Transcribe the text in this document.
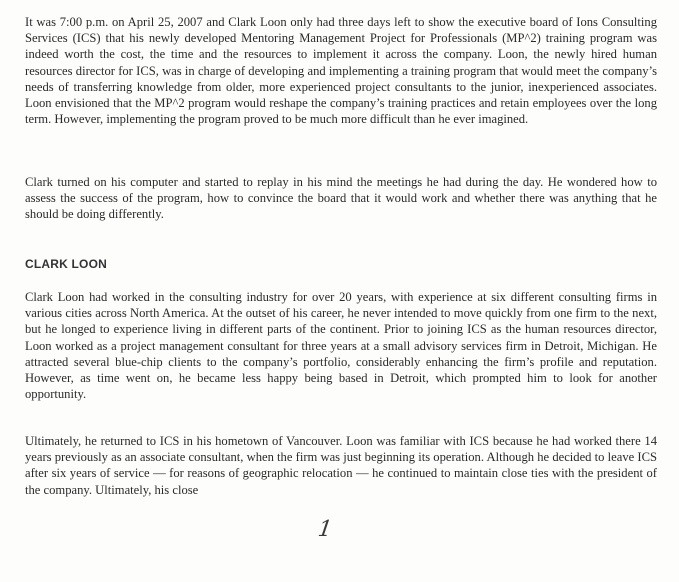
It was 7:00 p.m. on April 25, 2007 and Clark Loon only had three days left to show the executive board of Ions Consulting Services (ICS) that his newly developed Mentoring Management Project for Professionals (MP^2) training program was indeed worth the cost, the time and the resources to implement it across the company. Loon, the newly hired human resources director for ICS, was in charge of developing and implementing a training program that would meet the company’s needs of transferring knowledge from older, more experienced project consultants to the junior, inexperienced associates. Loon envisioned that the MP^2 program would reshape the company’s training practices and retain employees over the long term. However, implementing the program proved to be much more difficult than he ever imagined.

Clark turned on his computer and started to replay in his mind the meetings he had during the day. He wondered how to assess the success of the program, how to convince the board that it would work and whether there was anything that he should be doing differently.

CLARK LOON

Clark Loon had worked in the consulting industry for over 20 years, with experience at six different consulting firms in various cities across North America. At the outset of his career, he never intended to move quickly from one firm to the next, but he longed to experience living in different parts of the continent. Prior to joining ICS as the human resources director, Loon worked as a project management consultant for three years at a small advisory services firm in Detroit, Michigan. He attracted several blue-chip clients to the company’s portfolio, considerably enhancing the firm’s profile and reputation. However, as time went on, he became less happy being based in Detroit, which prompted him to look for another opportunity.

Ultimately, he returned to ICS in his hometown of Vancouver. Loon was familiar with ICS because he had worked there 14 years previously as an associate consultant, when the firm was just beginning its operation. Although he decided to leave ICS after six years of service — for reasons of geographic relocation — he continued to maintain close ties with the president of the company. Ultimately, his close

1
